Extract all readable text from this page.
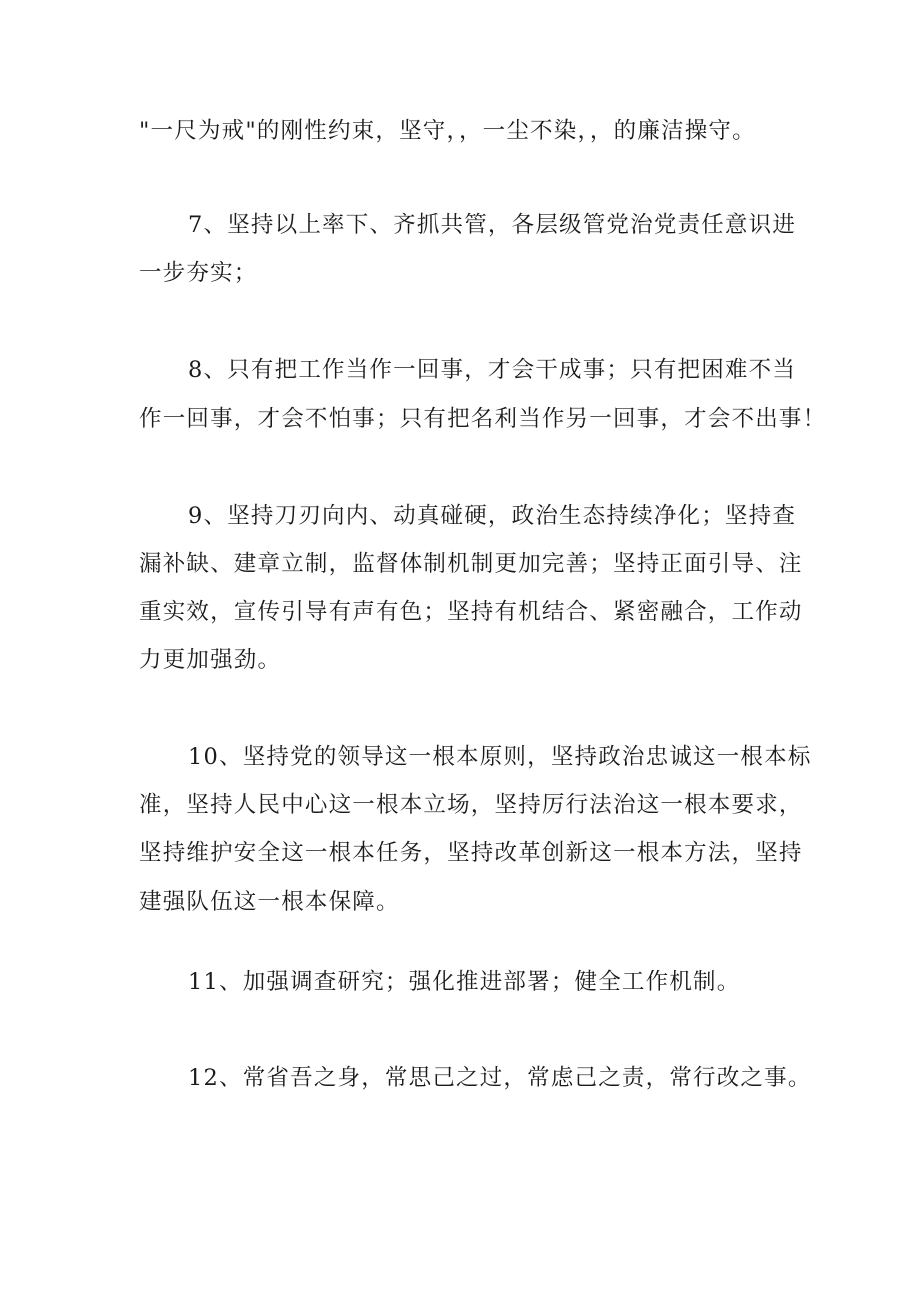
"一尺为戒"的刚性约束，坚守，，一尘不染，，的廉洁操守。
7、坚持以上率下、齐抓共管，各层级管党治党责任意识进
一步夯实；
8、只有把工作当作一回事，才会干成事；只有把困难不当
作一回事，才会不怕事；只有把名利当作另一回事，才会不出事！
9、坚持刀刃向内、动真碰硬，政治生态持续净化；坚持查
漏补缺、建章立制，监督体制机制更加完善；坚持正面引导、注
重实效，宣传引导有声有色；坚持有机结合、紧密融合，工作动
力更加强劲。
10、坚持党的领导这一根本原则，坚持政治忠诚这一根本标
准，坚持人民中心这一根本立场，坚持厉行法治这一根本要求，
坚持维护安全这一根本任务，坚持改革创新这一根本方法，坚持
建强队伍这一根本保障。
11、加强调查研究；强化推进部署；健全工作机制。
12、常省吾之身，常思己之过，常虑己之责，常行改之事。
